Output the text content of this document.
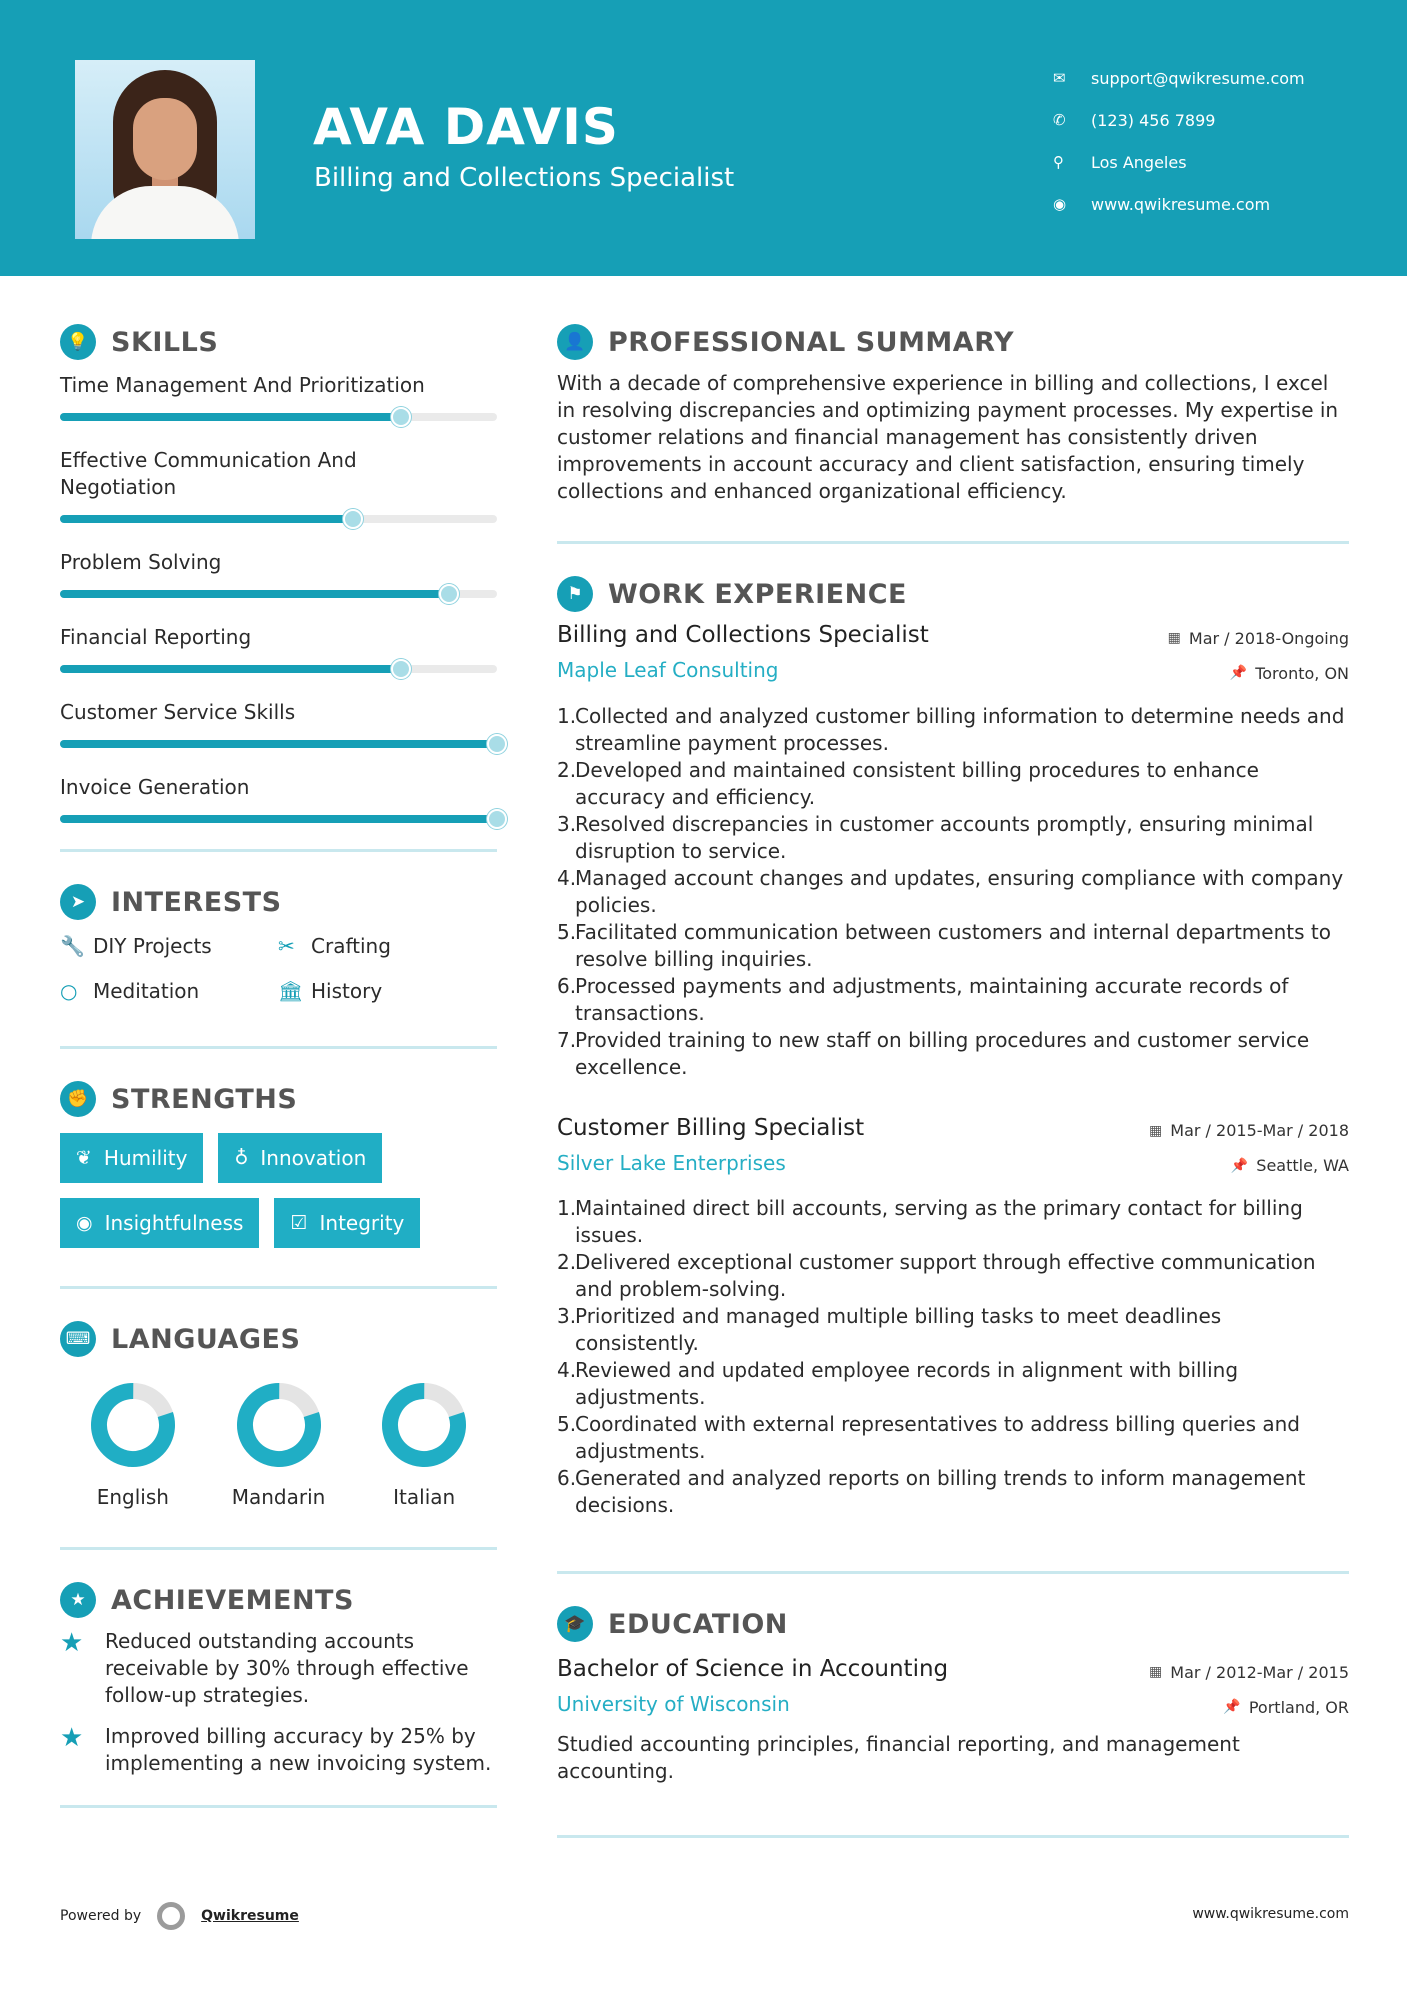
AVA DAVIS
Billing and Collections Specialist
✉	support@qwikresume.com
✆	(123) 456 7899
⚲	Los Angeles
◉	www.qwikresume.com
💡 SKILLS
Time Management And Prioritization
Effective Communication And Negotiation
Problem Solving
Financial Reporting
Customer Service Skills
Invoice Generation
➤ INTERESTS
🔧 DIY Projects	✂ Crafting
○ Meditation	🏛 History
✊ STRENGTHS
❦ Humility ♁ Innovation
◉ Insightfulness ☑ Integrity
⌨ LANGUAGES
English	Mandarin	Italian
★ ACHIEVEMENTS
★	Reduced outstanding accounts receivable by 30% through effective follow-up strategies.
★	Improved billing accuracy by 25% by implementing a new invoicing system.
👤 PROFESSIONAL SUMMARY
With a decade of comprehensive experience in billing and collections, I excel in resolving discrepancies and optimizing payment processes. My expertise in customer relations and financial management has consistently driven improvements in account accuracy and client satisfaction, ensuring timely collections and enhanced organizational efficiency.
⚑ WORK EXPERIENCE
Billing and Collections Specialist	▦ Mar / 2018-Ongoing
Maple Leaf Consulting	📌 Toronto, ON
1.
Collected and analyzed customer billing information to determine needs and streamline payment processes.
2.
Developed and maintained consistent billing procedures to enhance accuracy and efficiency.
3.
Resolved discrepancies in customer accounts promptly, ensuring minimal disruption to service.
4.
Managed account changes and updates, ensuring compliance with company policies.
5.
Facilitated communication between customers and internal departments to resolve billing inquiries.
6.
Processed payments and adjustments, maintaining accurate records of transactions.
7.
Provided training to new staff on billing procedures and customer service excellence.
Customer Billing Specialist	▦ Mar / 2015-Mar / 2018
Silver Lake Enterprises	📌 Seattle, WA
1.
Maintained direct bill accounts, serving as the primary contact for billing issues.
2.
Delivered exceptional customer support through effective communication and problem-solving.
3.
Prioritized and managed multiple billing tasks to meet deadlines consistently.
4.
Reviewed and updated employee records in alignment with billing adjustments.
5.
Coordinated with external representatives to address billing queries and adjustments.
6.
Generated and analyzed reports on billing trends to inform management decisions.
🎓 EDUCATION
Bachelor of Science in Accounting	▦ Mar / 2012-Mar / 2015
University of Wisconsin	📌 Portland, OR
Studied accounting principles, financial reporting, and management accounting.
Powered by	Qwikresume	www.qwikresume.com
